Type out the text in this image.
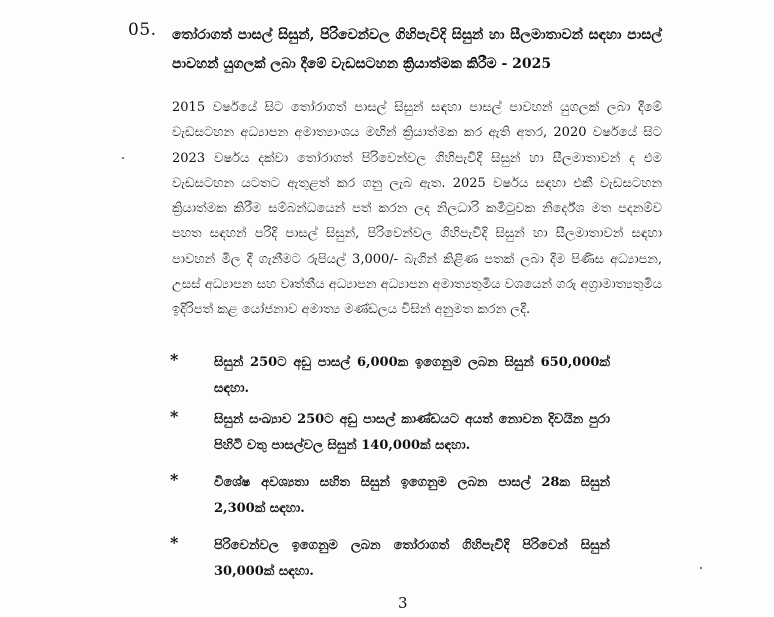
05. තෝරාගත් පාසල් සිසුන්, පිරිවෙන්වල ගිහිපැවිදි සිසුන් හා සීලමාතාවන් සඳහා පාසල් පාවහන් යුගලක් ලබා දීමේ වැඩසටහන ක්‍රියාත්මක කිරීම - 2025
2015 වර්ෂයේ සිට තෝරාගත් පාසල් සිසුන් සඳහා පාසල් පාවහන් යුගලක් ලබා දීමේ වැඩසටහන අධ්‍යාපන අමාත්‍යාංශය මඟින් ක්‍රියාත්මක කර ඇති අතර, 2020 වර්ෂයේ සිට 2023 වර්ෂය දක්වා තෝරාගත් පිරිවෙන්වල ගිහිපැවිදි සිසුන් හා සීලමාතාවන් ද එම වැඩසටහන යටතට ඇතුළත් කර ගනු ලැබ ඇත. 2025 වර්ෂය සඳහා එකී වැඩසටහන ක්‍රියාත්මක කිරීම සම්බන්ධයෙන් පත් කරන ලද නිලධාරි කමිටුවක නිර්දේශ මත පදනම්ව පහත සඳහන් පරිදි පාසල් සිසුන්, පිරිවෙන්වල ගිහිපැවිදි සිසුන් හා සීලමාතාවන් සඳහා පාවහන් මිල දී ගැනීමට රුපියල් 3,000/- බැගින් කිළිණ පතක් ලබා දීම පිණිස අධ්‍යාපන, උසස් අධ්‍යාපන සහ වෘත්තීය අධ්‍යාපන අධ්‍යාපන අමාත්‍යතුමිය වශයෙන් ගරු අග්‍රාමාත්‍යතුමිය ඉදිරිපත් කළ යෝජනාව අමාත්‍ය මණ්ඩලය විසින් අනුමත කරන ලදී.
*	සිසුන් 250ට අඩු පාසල් 6,000ක ඉගෙනුම ලබන සිසුන් 650,000ක් සඳහා.
*	සිසුන් සංඛ්‍යාව 250ට අඩු පාසල් කාණ්ඩයට අයත් නොවන දිවයින පුරා පිහිටි වතු පාසල්වල සිසුන් 140,000ක් සඳහා.
*	විශේෂ අවශ්‍යතා සහිත සිසුන් ඉගෙනුම ලබන පාසල් 28ක සිසුන් 2,300ක් සඳහා.
*	පිරිවෙන්වල ඉගෙනුම ලබන තෝරාගත් ගිහිපැවිදි පිරිවෙන් සිසුන් 30,000ක් සඳහා.
3
